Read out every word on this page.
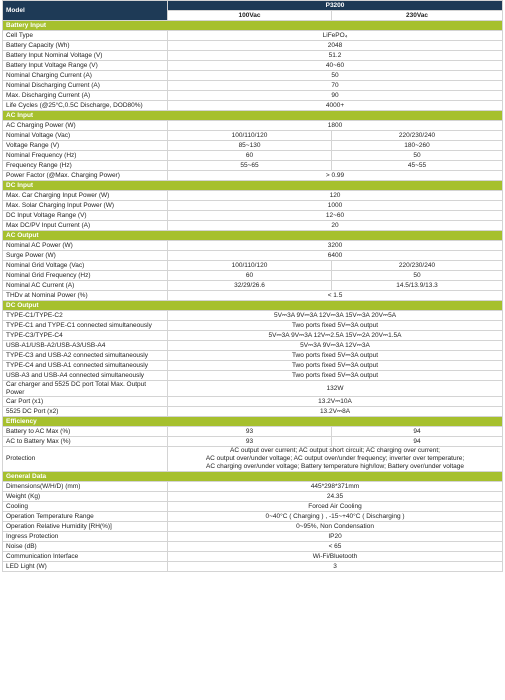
Model	P3200	
	100Vac	230Vac
Battery Input		
Cell Type	LiFePO₄	
Battery Capacity (Wh)	2048	
Battery Input Nominal Voltage (V)	51.2	
Battery Input Voltage Range (V)	40~60	
Nominal Charging Current (A)	50	
Nominal Discharging Current (A)	70	
Max. Discharging Current (A)	90	
Life Cycles (@25°C,0.5C Discharge, DOD80%)	4000+	
AC Input		
AC Charging Power (W)	1800	
Nominal Voltage (Vac)	100/110/120	220/230/240
Voltage Range (V)	85~130	180~260
Nominal Frequency (Hz)	60	50
Frequency Range (Hz)	55~65	45~55
Power Factor (@Max. Charging Power)	> 0.99	
DC Input		
Max. Car Charging Input Power (W)	120	
Max. Solar Charging Input Power (W)	1000	
DC Input Voltage Range (V)	12~60	
Max DC/PV Input Current (A)	20	
AC Output		
Nominal AC Power (W)	3200	
Surge Power (W)	6400	
Nominal Grid Voltage (Vac)	100/110/120	220/230/240
Nominal Grid Frequency (Hz)	60	50
Nominal AC Current (A)	32/29/26.6	14.5/13.9/13.3
THDv at Nominal Power (%)	< 1.5	
DC Output		
TYPE-C1/TYPE-C2	5V⎓3A 9V⎓3A 12V⎓3A 15V⎓3A 20V⎓5A	
TYPE-C1 and TYPE-C1 connected simultaneously	Two ports fixed 5V⎓3A output	
TYPE-C3/TYPE-C4	5V⎓3A 9V⎓3A 12V⎓2.5A 15V⎓2A 20V⎓1.5A	
USB-A1/USB-A2/USB-A3/USB-A4	5V⎓3A 9V⎓3A 12V⎓3A	
TYPE-C3 and USB-A2 connected simultaneously	Two ports fixed 5V⎓3A output	
TYPE-C4 and USB-A1 connected simultaneously	Two ports fixed 5V⎓3A output	
USB-A3 and USB-A4 connected simultaneously	Two ports fixed 5V⎓3A output	
Car charger and 5525 DC port Total Max. Output Power	132W	
Car Port (x1)	13.2V⎓10A	
5525 DC Port (x2)	13.2V⎓8A	
Efficiency		
Battery to AC Max (%)	93	94
AC to Battery Max (%)	93	94
Protection	AC output over current; AC output short circuit; AC charging over current;
AC output over/under voltage; AC output over/under frequency; inverter over temperature;
AC charging over/under voltage; Battery temperature high/low; Battery over/under voltage	
General Data		
Dimensions(W/H/D) (mm)	445*298*371mm	
Weight (Kg)	24.35	
Cooling	Forced Air Cooling	
Operation Temperature Range	0~40°C ( Charging ) , -15~+40°C ( Discharging )	
Operation Relative Humidity [RH(%)]	0~95%, Non Condensation	
Ingress Protection	IP20	
Noise (dB)	< 65	
Communication Interface	Wi-Fi/Bluetooth	
LED Light (W)	3	
